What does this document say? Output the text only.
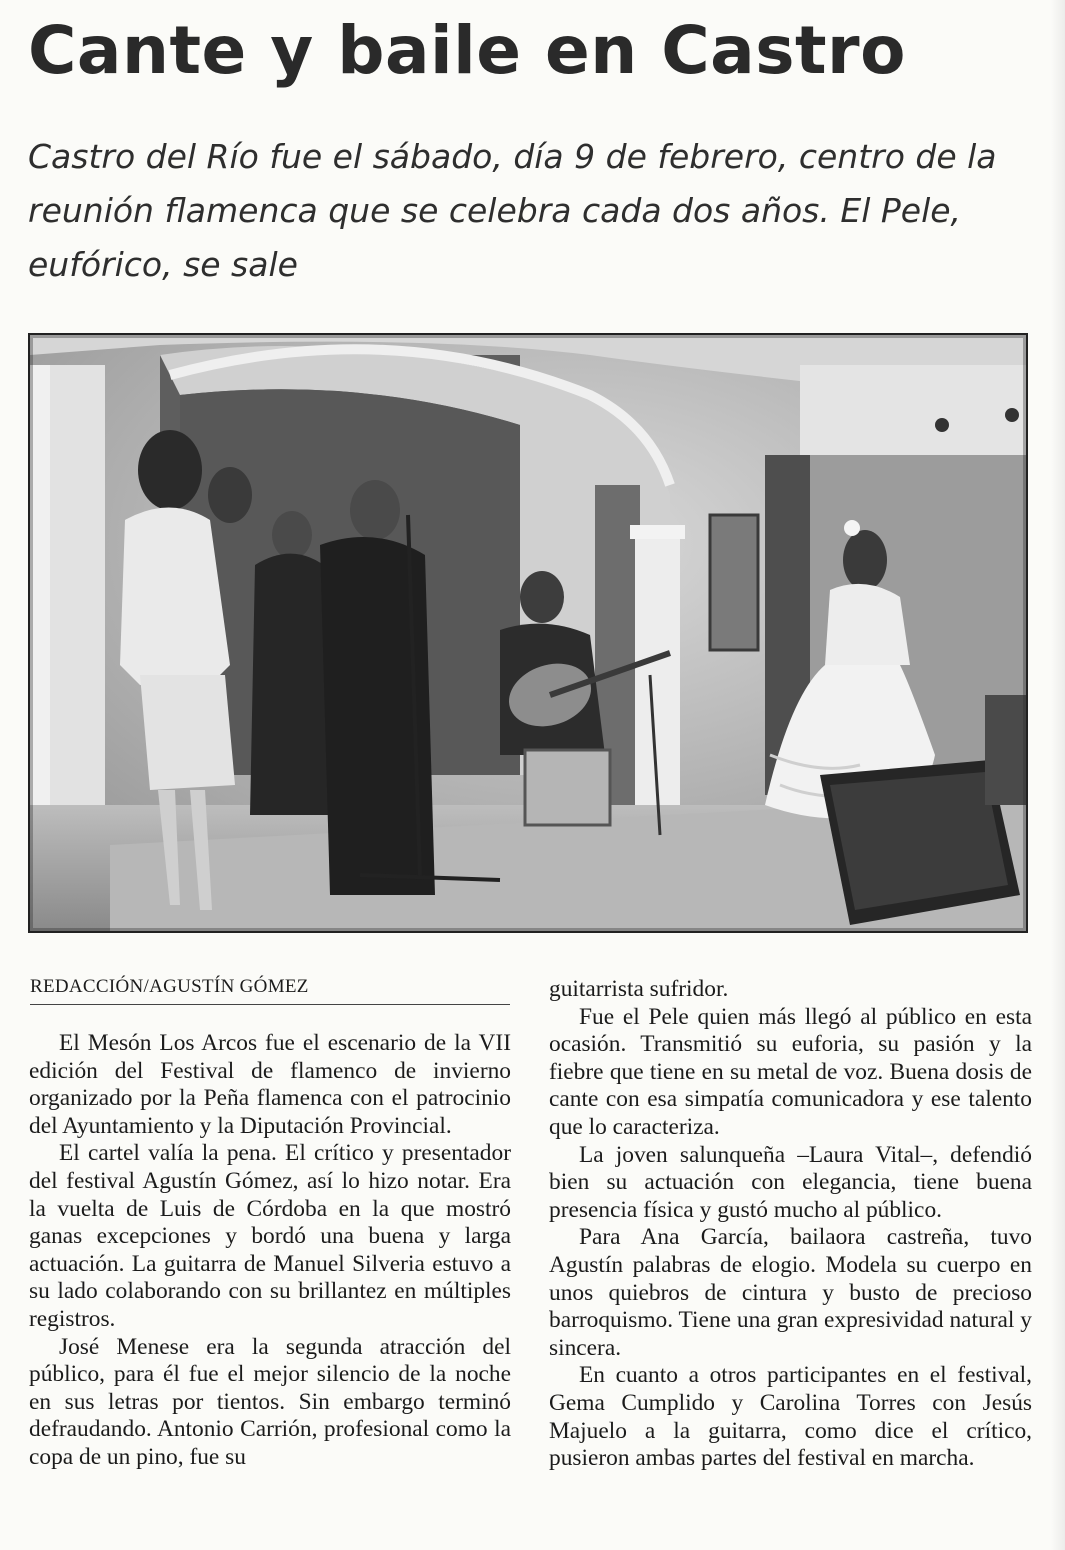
Cante y baile en Castro

Castro del Río fue el sábado, día 9 de febrero, centro de la reunión flamenca que se celebra cada dos años. El Pele, eufórico, se sale

REDACCIÓN/AGUSTÍN GÓMEZ

El Mesón Los Arcos fue el escenario de la VII edición del Festival de flamenco de invierno organizado por la Peña flamenca con el patrocinio del Ayuntamiento y la Diputación Provincial.

El cartel valía la pena. El crítico y presentador del festival Agustín Gómez, así lo hizo notar. Era la vuelta de Luis de Córdoba en la que mostró ganas excepciones y bordó una buena y larga actuación. La guitarra de Manuel Silveria estuvo a su lado colaborando con su brillantez en múltiples registros.

José Menese era la segunda atracción del público, para él fue el mejor silencio de la noche en sus letras por tientos. Sin embargo terminó defraudando. Antonio Carrión, profesional como la copa de un pino, fue su

guitarrista sufridor.

Fue el Pele quien más llegó al público en esta ocasión. Transmitió su euforia, su pasión y la fiebre que tiene en su metal de voz. Buena dosis de cante con esa simpatía comunicadora y ese talento que lo caracteriza.

La joven salunqueña –Laura Vital–, defendió bien su actuación con elegancia, tiene buena presencia física y gustó mucho al público.

Para Ana García, bailaora castreña, tuvo Agustín palabras de elogio. Modela su cuerpo en unos quiebros de cintura y busto de precioso barroquismo. Tiene una gran expresividad natural y sincera.

En cuanto a otros participantes en el festival, Gema Cumplido y Carolina Torres con Jesús Majuelo a la guitarra, como dice el crítico, pusieron ambas partes del festival en marcha.
